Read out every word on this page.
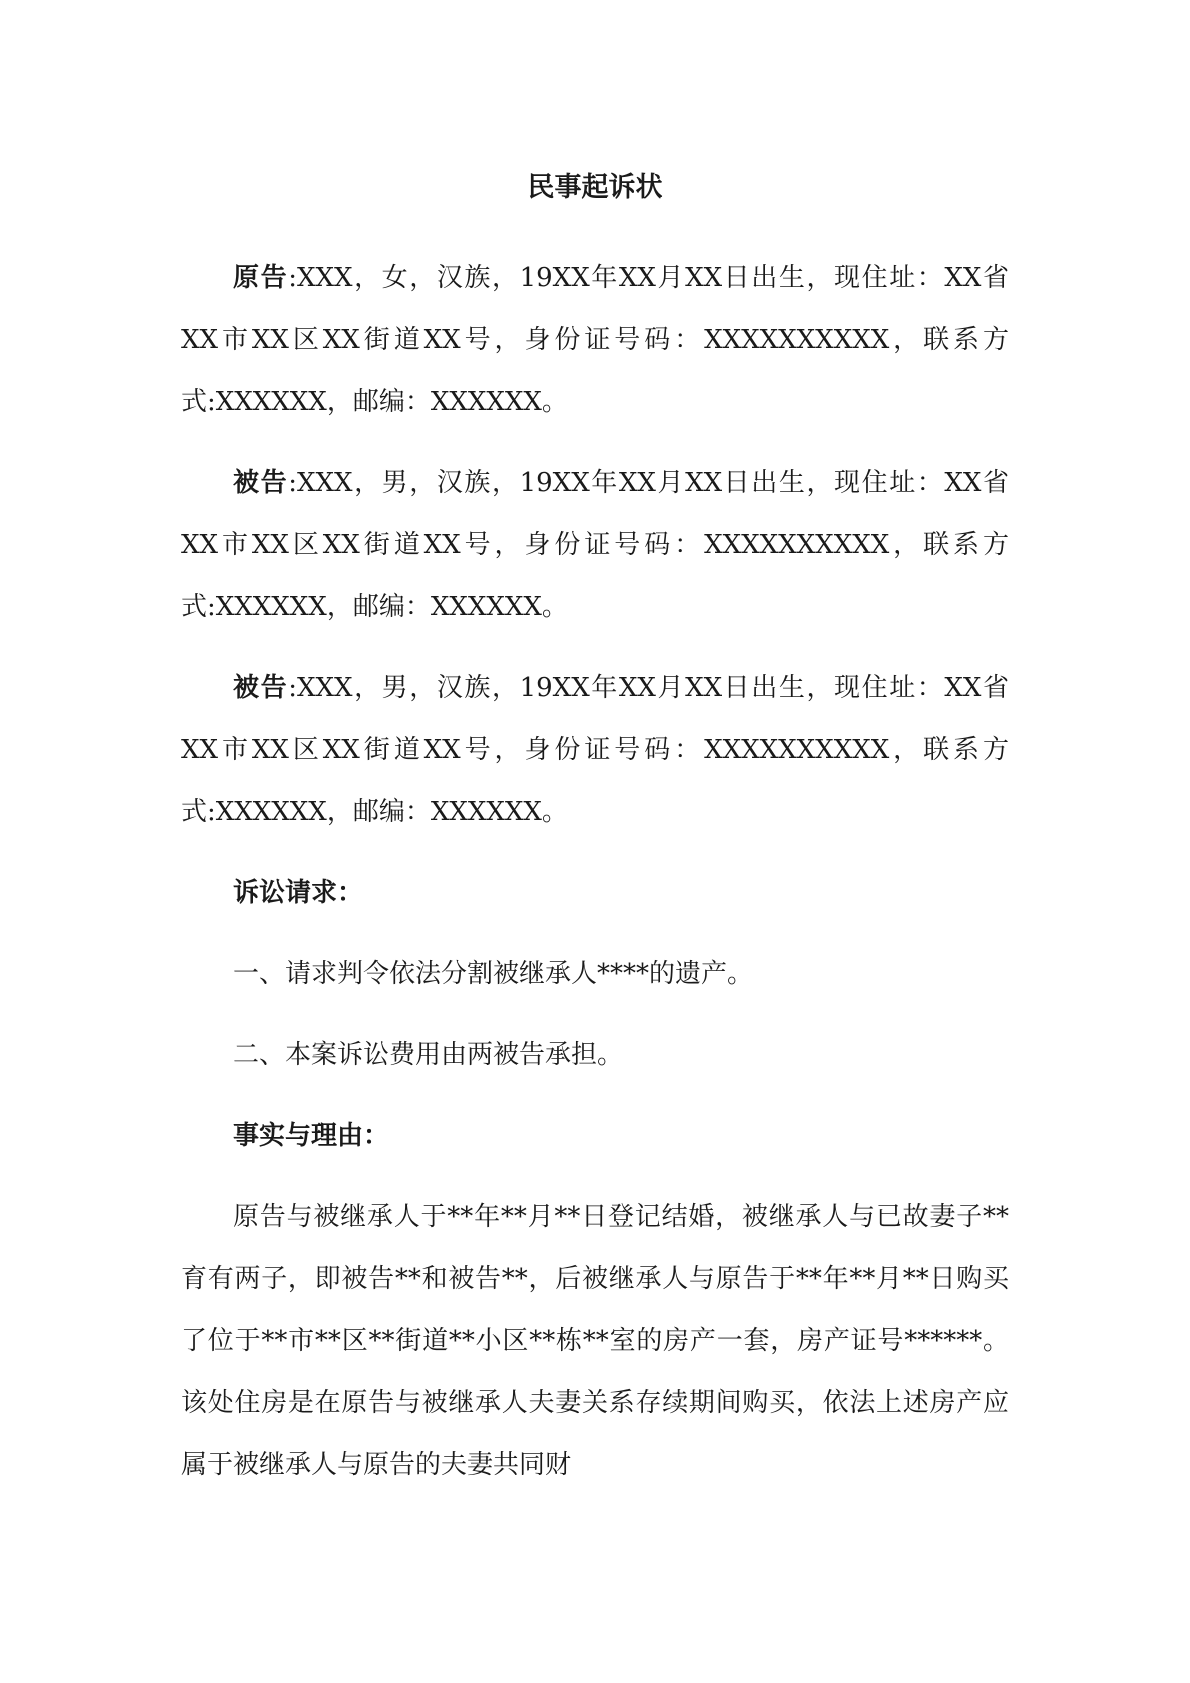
民事起诉状

原告:XXX，女，汉族，19XX年XX月XX日出生，现住址：XX省XX市XX区XX街道XX号，身份证号码：XXXXXXXXXX，联系方式:XXXXXX，邮编：XXXXXX。

被告:XXX，男，汉族，19XX年XX月XX日出生，现住址：XX省XX市XX区XX街道XX号，身份证号码：XXXXXXXXXX，联系方式:XXXXXX，邮编：XXXXXX。

被告:XXX，男，汉族，19XX年XX月XX日出生，现住址：XX省XX市XX区XX街道XX号，身份证号码：XXXXXXXXXX，联系方式:XXXXXX，邮编：XXXXXX。

诉讼请求：

一、请求判令依法分割被继承人****的遗产。

二、本案诉讼费用由两被告承担。

事实与理由：

原告与被继承人于**年**月**日登记结婚，被继承人与已故妻子**育有两子，即被告**和被告**，后被继承人与原告于**年**月**日购买了位于**市**区**街道**小区**栋**室的房产一套，房产证号******。该处住房是在原告与被继承人夫妻关系存续期间购买，依法上述房产应属于被继承人与原告的夫妻共同财
